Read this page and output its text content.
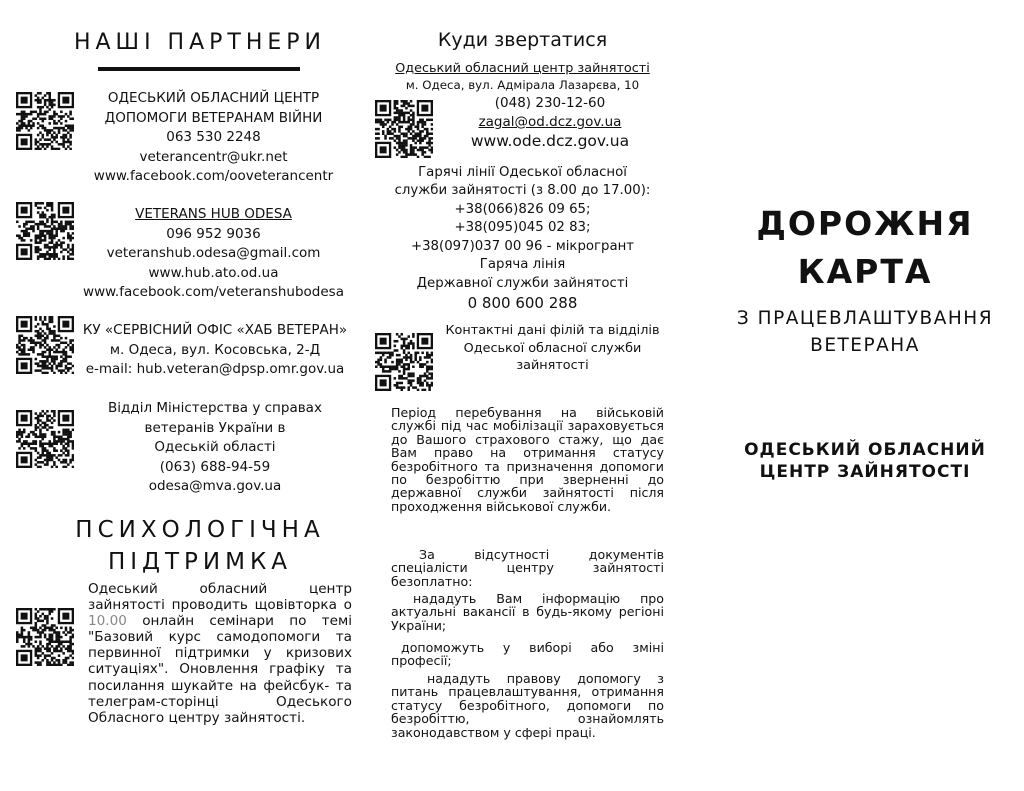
НАШІ ПАРТНЕРИ
ОДЕСЬКИЙ ОБЛАСНИЙ ЦЕНТР
ДОПОМОГИ ВЕТЕРАНАМ ВІЙНИ
063 530 2248
veterancentr@ukr.net
www.facebook.com/ooveterancentr
VETERANS HUB ODESA
096 952 9036
veteranshub.odesa@gmail.com
www.hub.ato.od.ua
www.facebook.com/veteranshubodesa
КУ «СЕРВІСНИЙ ОФІС «ХАБ ВЕТЕРАН»
м. Одеса, вул. Косовська, 2-Д
e-mail: hub.veteran@dpsp.omr.gov.ua
Відділ Міністерства у справах
ветеранів України в
Одеській області
(063) 688-94-59
odesa@mva.gov.ua
ПСИХОЛОГІЧНА
ПІДТРИМКА
Одеський обласний центр зайнятості проводить щовівторка о 10.00 онлайн семінари по темі "Базовий курс самодопомоги та первинної підтримки у кризових ситуаціях". Оновлення графіку та посилання шукайте на фейсбук- та телеграм-сторінці Одеського Обласного центру зайнятості.
Куди звертатися
Одеський обласний центр зайнятості
м. Одеса, вул. Адмірала Лазарєва, 10
(048) 230-12-60
zagal@od.dcz.gov.ua
www.ode.dcz.gov.ua
Гарячі лінії Одеської обласної
служби зайнятості (з 8.00 до 17.00):
+38(066)826 09 65;
+38(095)045 02 83;
+38(097)037 00 96 - мікрогрант
Гаряча лінія
Державної служби зайнятості
0 800 600 288
Контактні дані філій та відділів
Одеської обласної служби
зайнятості
Період перебування на військовій службі під час мобілізації зараховується до Вашого страхового стажу, що дає Вам право на отримання статусу безробітного та призначення допомоги по безробіттю при зверненні до державної служби зайнятості після проходження військової служби.
За відсутності документів спеціалісти центру зайнятості безоплатно:
нададуть Вам інформацію про актуальні вакансії в будь-якому регіоні України;
допоможуть у виборі або зміні професії;
нададуть правову допомогу з питань працевлаштування, отримання статусу безробітного, допомоги по безробіттю, ознайомлять законодавством у сфері праці.
ДОРОЖНЯ
КАРТА
З ПРАЦЕВЛАШТУВАННЯ
ВЕТЕРАНА
ОДЕСЬКИЙ ОБЛАСНИЙ
ЦЕНТР ЗАЙНЯТОСТІ
